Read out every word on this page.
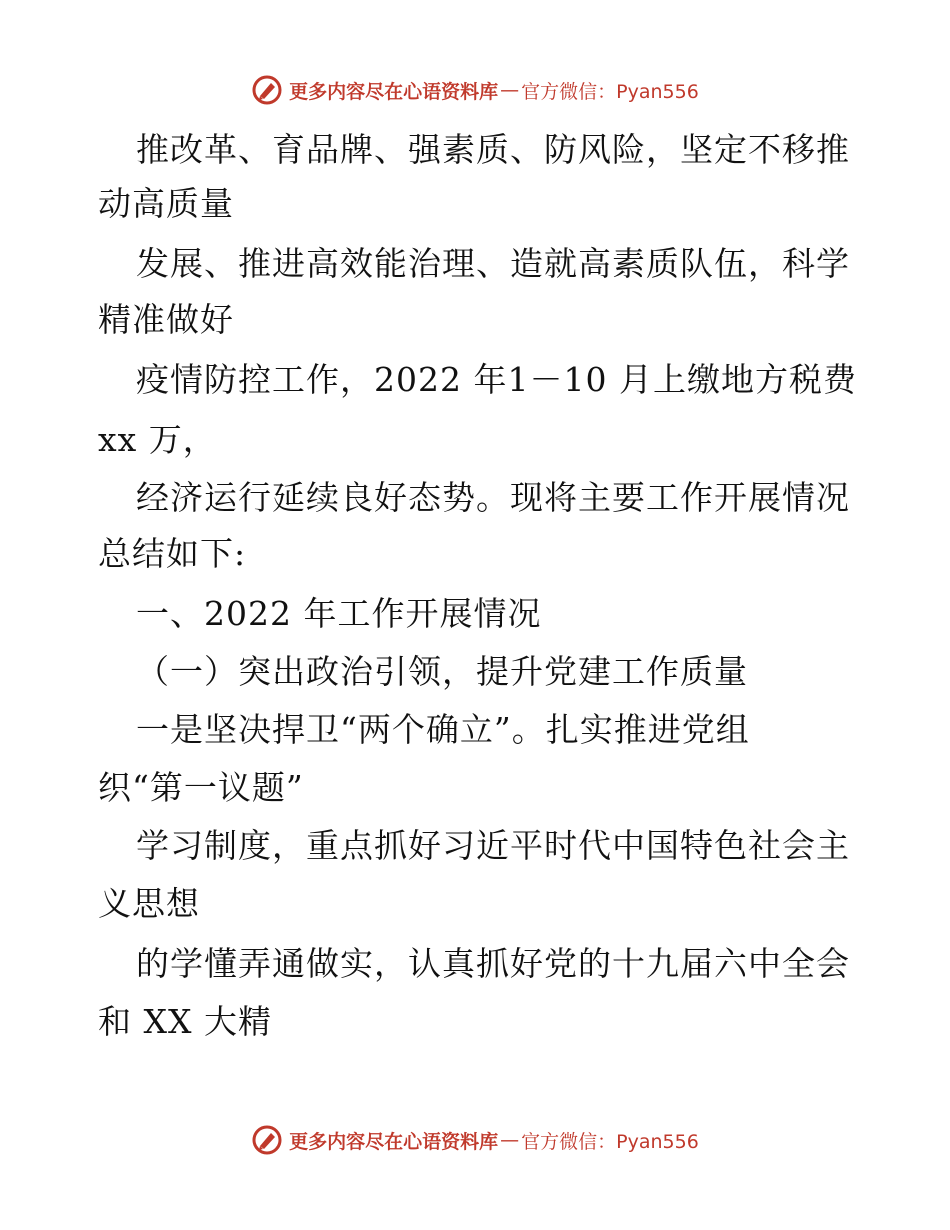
更多内容尽在心语资料库 — 官方微信：Pyan556
推改革、育品牌、强素质、防风险，坚定不移推
动高质量
发展、推进高效能治理、造就高素质队伍，科学
精准做好
疫情防控工作，2022 年1－10 月上缴地方税费
xx 万，
经济运行延续良好态势。现将主要工作开展情况
总结如下:
一、2022 年工作开展情况
（一）突出政治引领，提升党建工作质量
一是坚决捍卫“两个确立”。扎实推进党组
织“第一议题”
学习制度，重点抓好习近平时代中国特色社会主
义思想
的学懂弄通做实，认真抓好党的十九届六中全会
和 XX 大精
更多内容尽在心语资料库 — 官方微信：Pyan556
